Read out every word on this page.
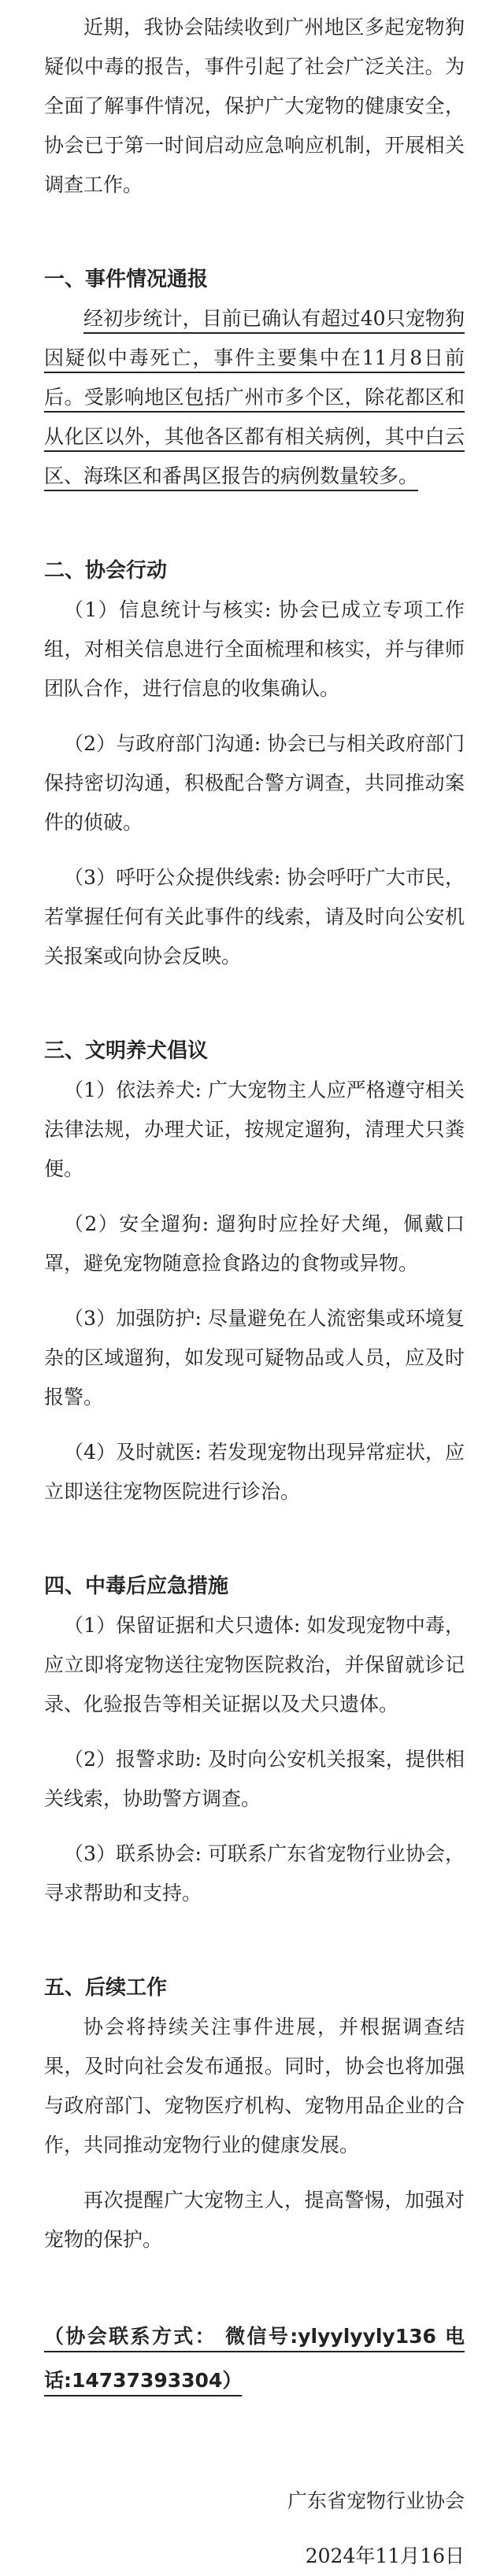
近期，我协会陆续收到广州地区多起宠物狗疑似中毒的报告，事件引起了社会广泛关注。为全面了解事件情况，保护广大宠物的健康安全，协会已于第一时间启动应急响应机制，开展相关调查工作。

一、事件情况通报

经初步统计，目前已确认有超过40只宠物狗因疑似中毒死亡，事件主要集中在11月8日前后。受影响地区包括广州市多个区，除花都区和从化区以外，其他各区都有相关病例，其中白云区、海珠区和番禺区报告的病例数量较多。

二、协会行动

（1）信息统计与核实: 协会已成立专项工作组，对相关信息进行全面梳理和核实，并与律师团队合作，进行信息的收集确认。

（2）与政府部门沟通: 协会已与相关政府部门保持密切沟通，积极配合警方调查，共同推动案件的侦破。

（3）呼吁公众提供线索: 协会呼吁广大市民，若掌握任何有关此事件的线索，请及时向公安机关报案或向协会反映。

三、文明养犬倡议

（1）依法养犬: 广大宠物主人应严格遵守相关法律法规，办理犬证，按规定遛狗，清理犬只粪便。

（2）安全遛狗: 遛狗时应拴好犬绳，佩戴口罩，避免宠物随意捡食路边的食物或异物。

（3）加强防护: 尽量避免在人流密集或环境复杂的区域遛狗，如发现可疑物品或人员，应及时报警。

（4）及时就医: 若发现宠物出现异常症状，应立即送往宠物医院进行诊治。

四、中毒后应急措施

（1）保留证据和犬只遗体: 如发现宠物中毒，应立即将宠物送往宠物医院救治，并保留就诊记录、化验报告等相关证据以及犬只遗体。

（2）报警求助: 及时向公安机关报案，提供相关线索，协助警方调查。

（3）联系协会: 可联系广东省宠物行业协会，寻求帮助和支持。

五、后续工作

协会将持续关注事件进展，并根据调查结果，及时向社会发布通报。同时，协会也将加强与政府部门、宠物医疗机构、宠物用品企业的合作，共同推动宠物行业的健康发展。

再次提醒广大宠物主人，提高警惕，加强对宠物的保护。

（协会联系方式： 微信号:ylyylyyly136 电话:14737393304）

广东省宠物行业协会

2024年11月16日
